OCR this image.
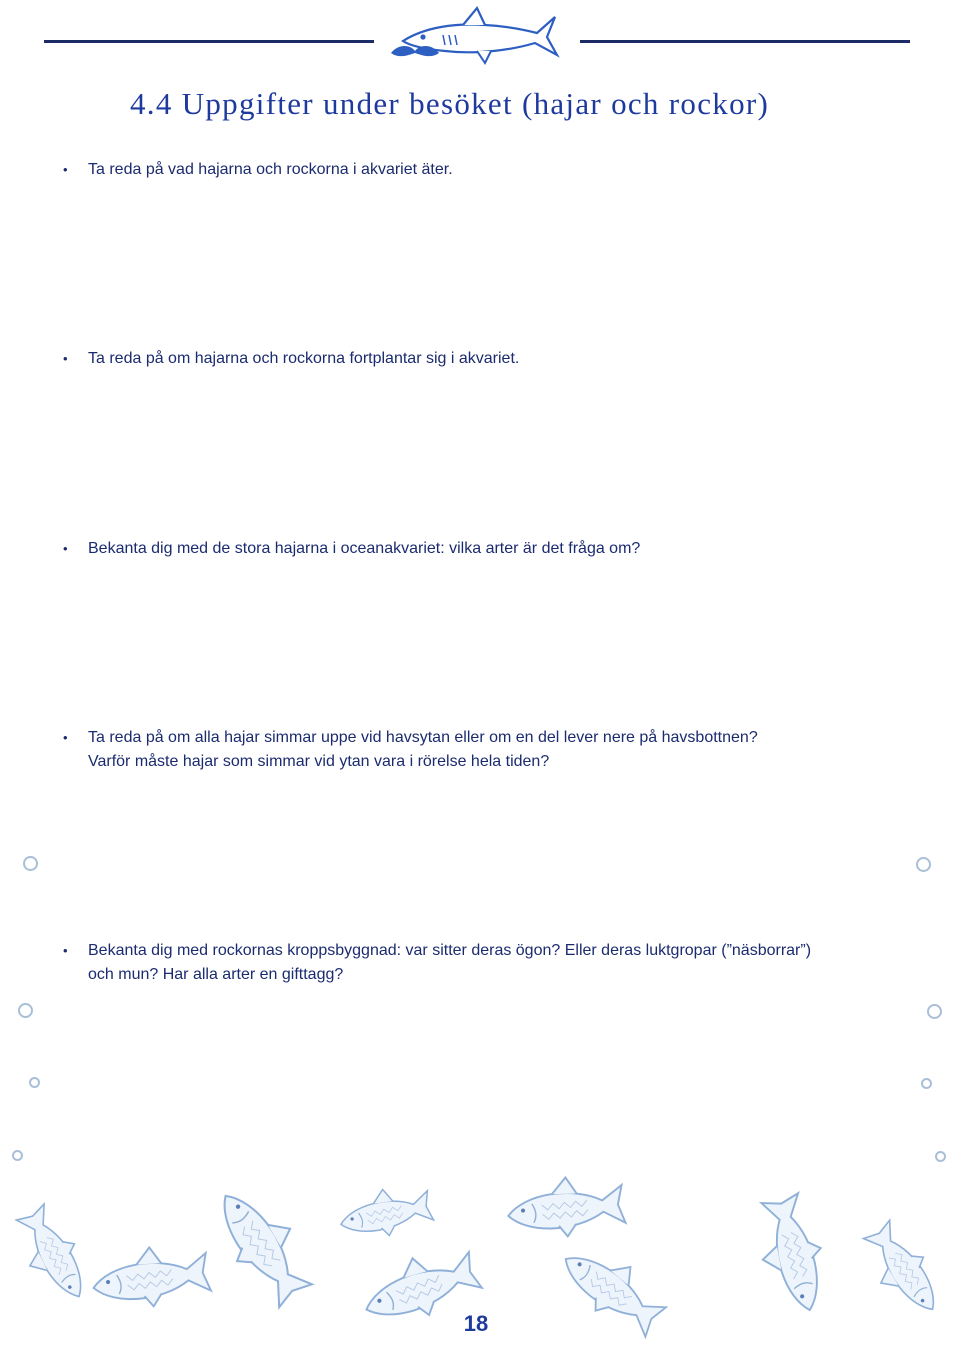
4.4 Uppgifter under besöket (hajar och rockor)
• Ta reda på vad hajarna och rockorna i akvariet äter.

• Ta reda på om hajarna och rockorna fortplantar sig i akvariet.

• Bekanta dig med de stora hajarna i oceanakvariet: vilka arter är det fråga om?

• Ta reda på om alla hajar simmar uppe vid havsytan eller om en del lever nere på havsbottnen?

Varför måste hajar som simmar vid ytan vara i rörelse hela tiden?

• Bekanta dig med rockornas kroppsbyggnad: var sitter deras ögon? Eller deras luktgropar (”näsborrar”)

och mun? Har alla arter en gifttagg?

18
